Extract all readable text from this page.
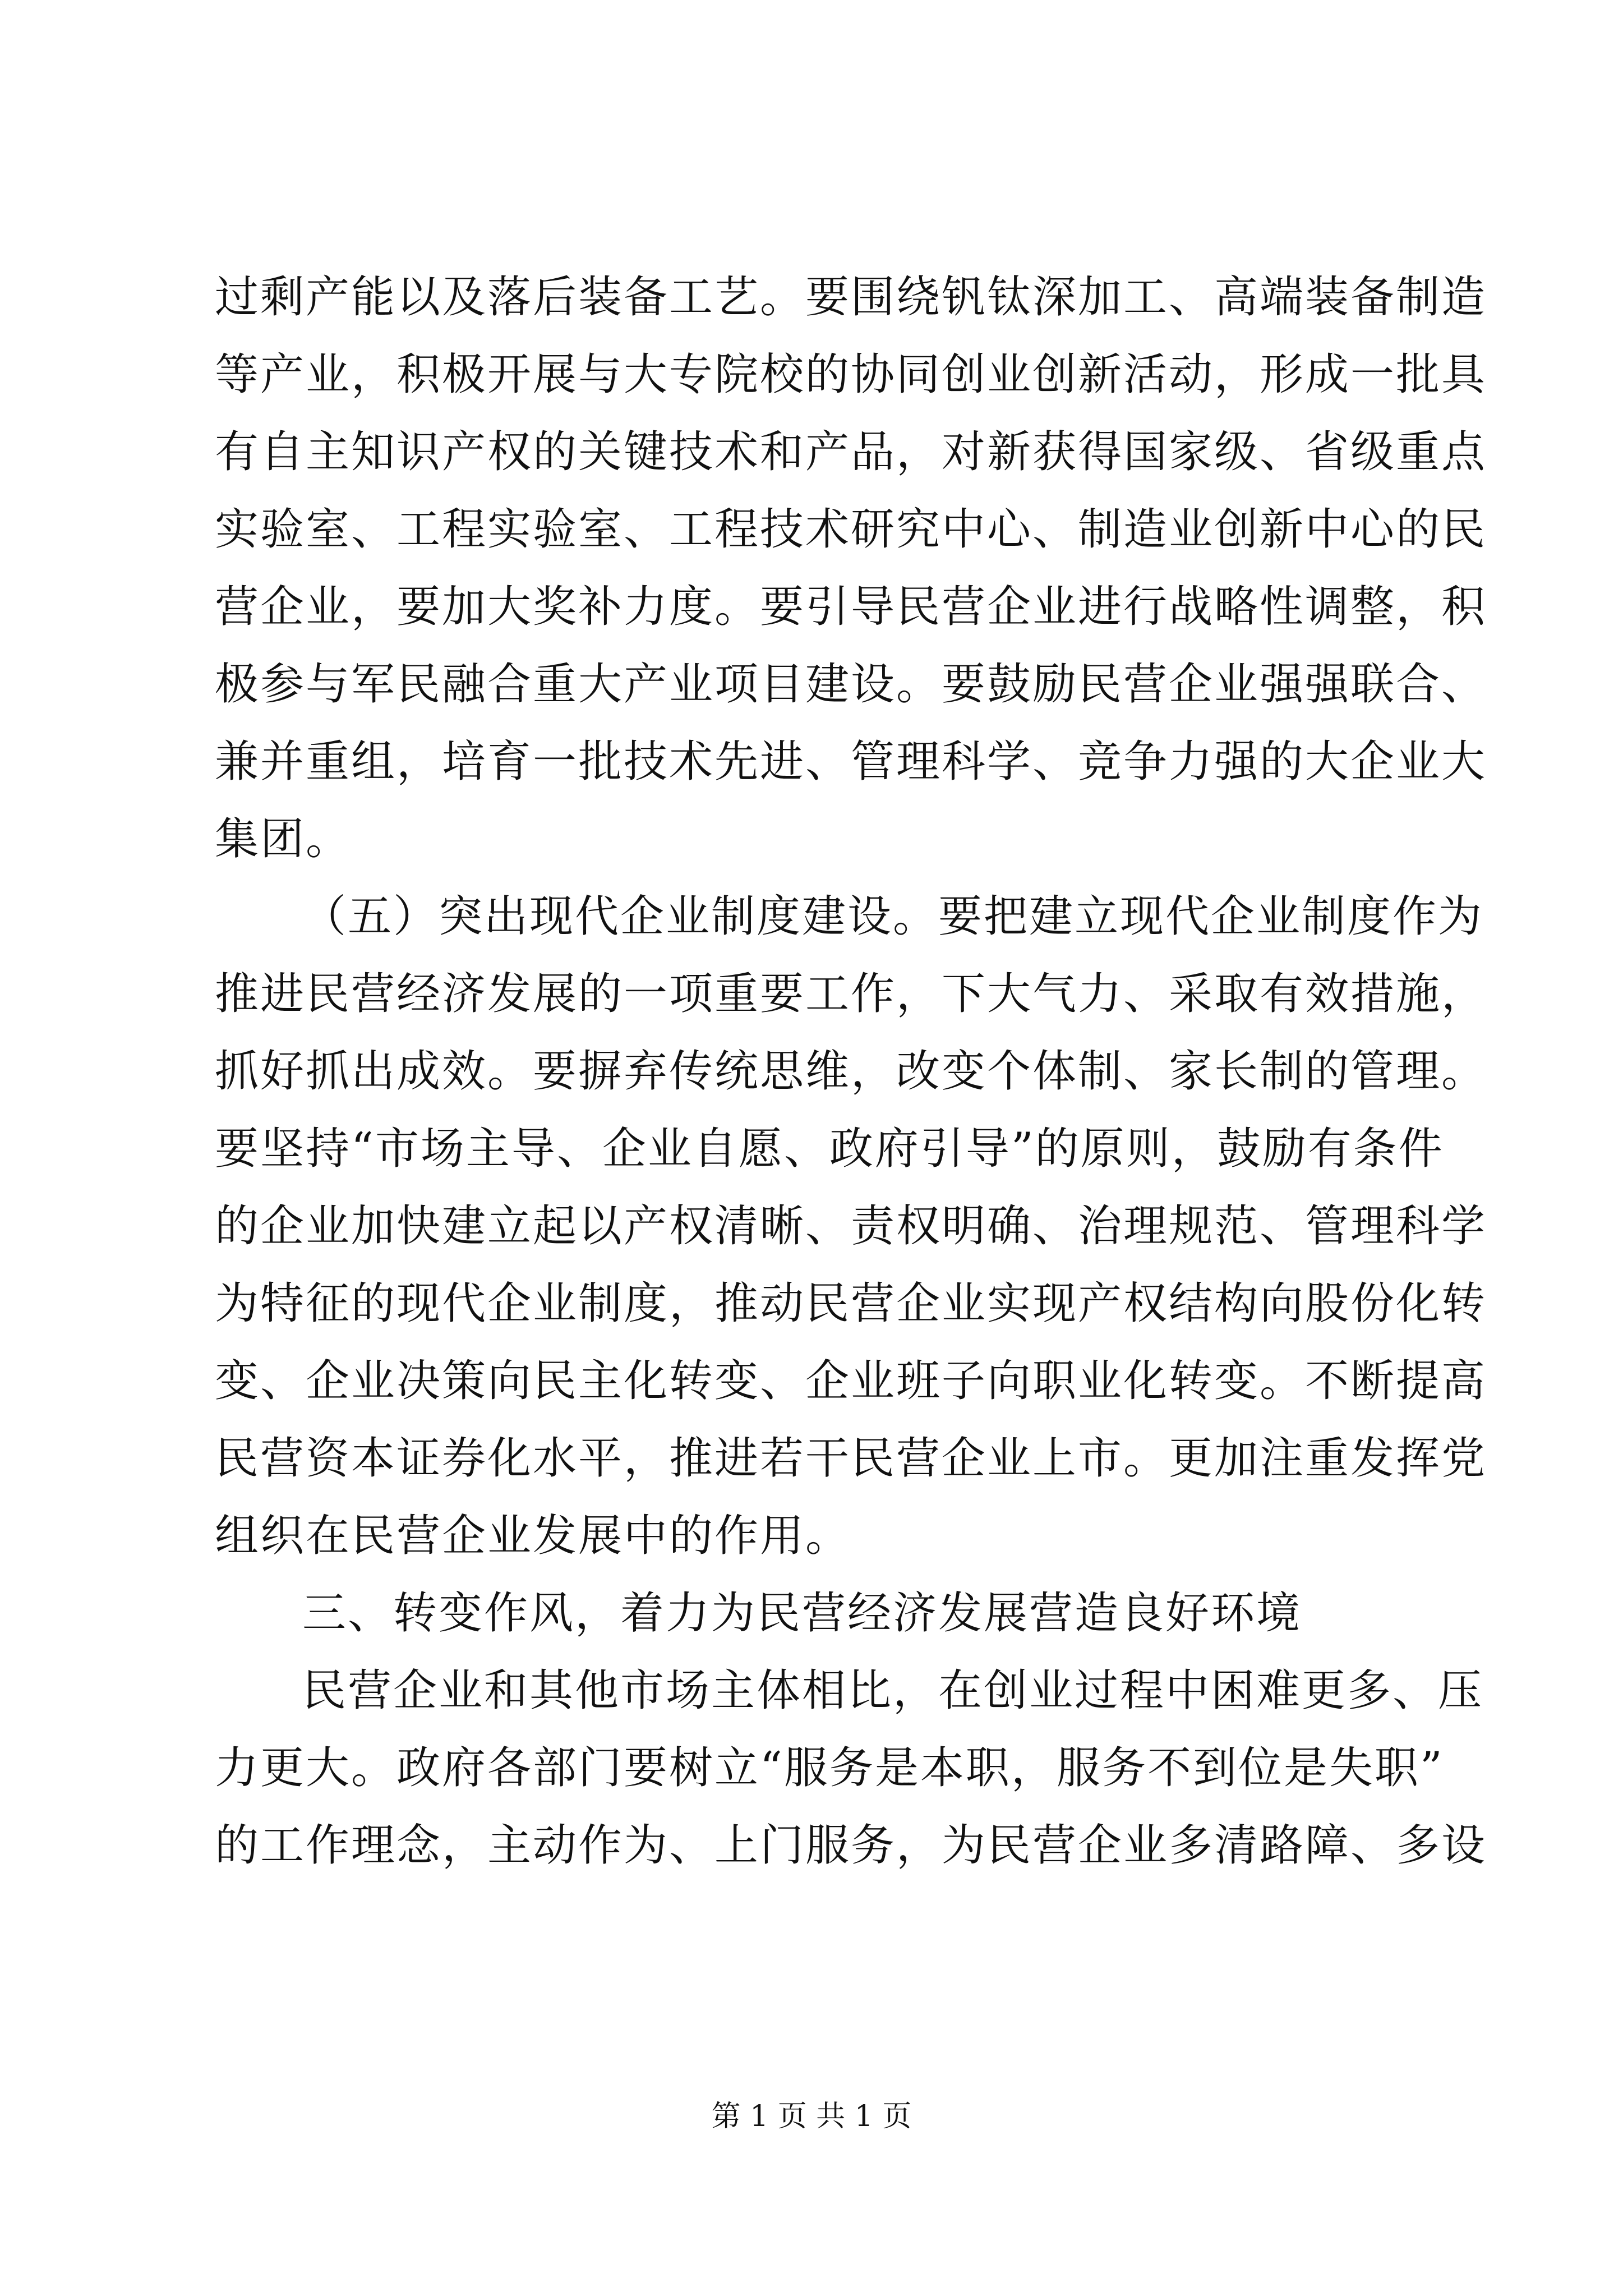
过剩产能以及落后装备工艺。要围绕钒钛深加工、高端装备制造
等产业，积极开展与大专院校的协同创业创新活动，形成一批具
有自主知识产权的关键技术和产品，对新获得国家级、省级重点
实验室、工程实验室、工程技术研究中心、制造业创新中心的民
营企业，要加大奖补力度。要引导民营企业进行战略性调整，积
极参与军民融合重大产业项目建设。要鼓励民营企业强强联合、
兼并重组，培育一批技术先进、管理科学、竞争力强的大企业大
集团。
（五）突出现代企业制度建设。要把建立现代企业制度作为
推进民营经济发展的一项重要工作，下大气力、采取有效措施，
抓好抓出成效。要摒弃传统思维，改变个体制、家长制的管理。
要坚持“市场主导、企业自愿、政府引导”的原则，鼓励有条件
的企业加快建立起以产权清晰、责权明确、治理规范、管理科学
为特征的现代企业制度，推动民营企业实现产权结构向股份化转
变、企业决策向民主化转变、企业班子向职业化转变。不断提高
民营资本证券化水平，推进若干民营企业上市。更加注重发挥党
组织在民营企业发展中的作用。
三、转变作风，着力为民营经济发展营造良好环境
民营企业和其他市场主体相比，在创业过程中困难更多、压
力更大。政府各部门要树立“服务是本职，服务不到位是失职”
的工作理念，主动作为、上门服务，为民营企业多清路障、多设
第 1 页 共 1 页
